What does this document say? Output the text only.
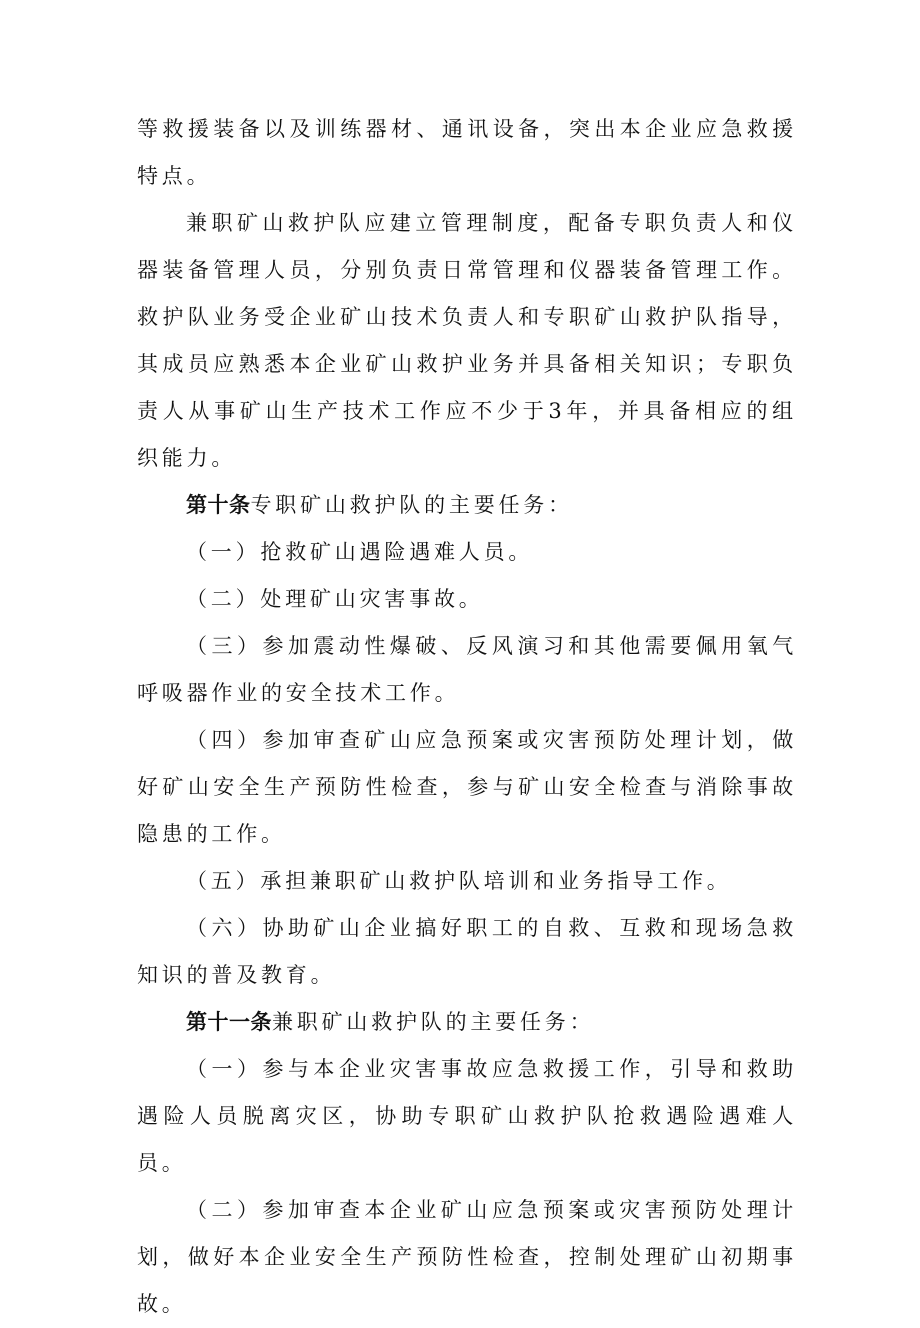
等救援装备以及训练器材、通讯设备，突出本企业应急救援特点。

兼职矿山救护队应建立管理制度，配备专职负责人和仪器装备管理人员，分别负责日常管理和仪器装备管理工作。救护队业务受企业矿山技术负责人和专职矿山救护队指导，其成员应熟悉本企业矿山救护业务并具备相关知识；专职负责人从事矿山生产技术工作应不少于3年，并具备相应的组织能力。

第十条专职矿山救护队的主要任务：

（一）抢救矿山遇险遇难人员。

（二）处理矿山灾害事故。

（三）参加震动性爆破、反风演习和其他需要佩用氧气呼吸器作业的安全技术工作。

（四）参加审查矿山应急预案或灾害预防处理计划，做好矿山安全生产预防性检查，参与矿山安全检查与消除事故隐患的工作。

（五）承担兼职矿山救护队培训和业务指导工作。

（六）协助矿山企业搞好职工的自救、互救和现场急救知识的普及教育。

第十一条兼职矿山救护队的主要任务：

（一）参与本企业灾害事故应急救援工作，引导和救助遇险人员脱离灾区，协助专职矿山救护队抢救遇险遇难人员。

（二）参加审查本企业矿山应急预案或灾害预防处理计划，做好本企业安全生产预防性检查，控制处理矿山初期事故。
